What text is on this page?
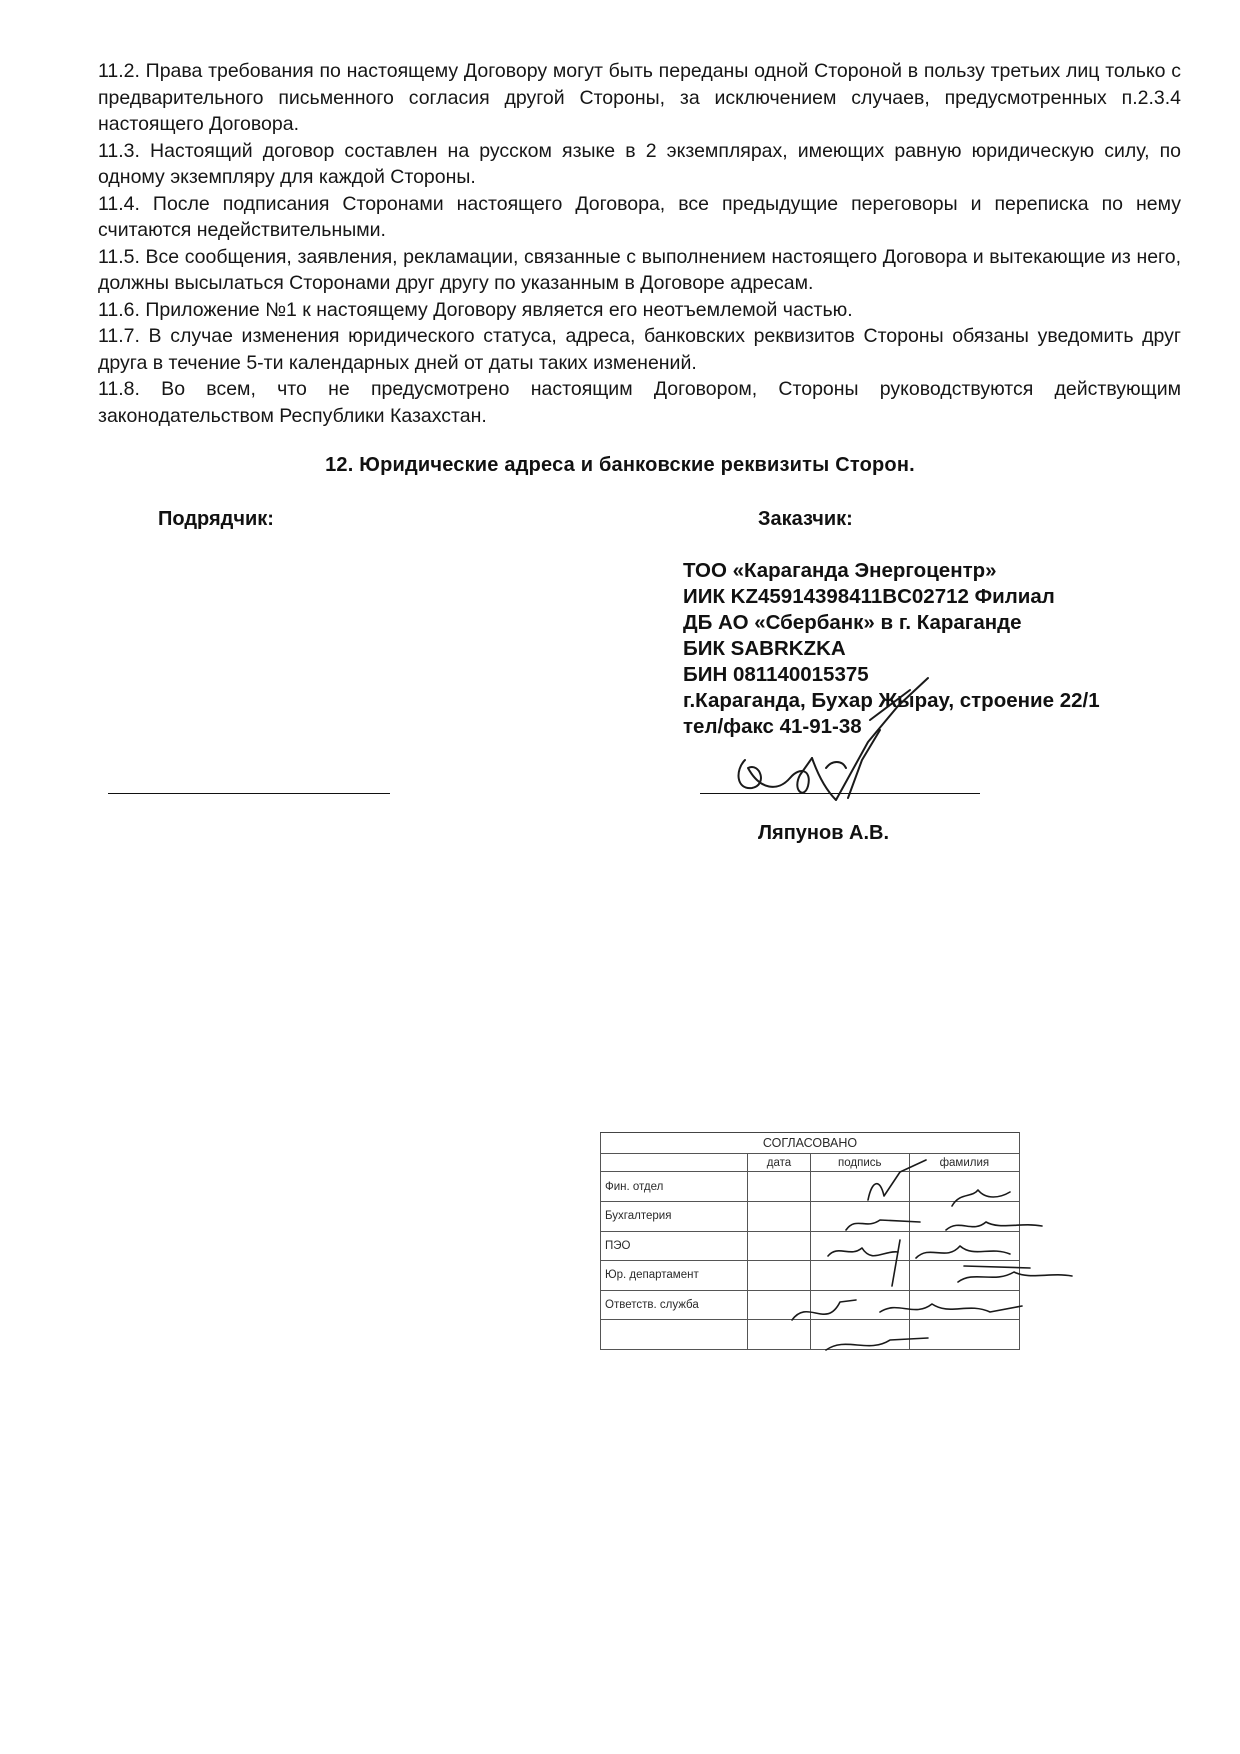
11.2. Права требования по настоящему Договору могут быть переданы одной Стороной в пользу третьих лиц только с предварительного письменного согласия другой Стороны, за исключением случаев, предусмотренных п.2.3.4 настоящего Договора.

11.3. Настоящий договор составлен на русском языке в 2 экземплярах, имеющих равную юридическую силу, по одному экземпляру для каждой Стороны.

11.4. После подписания Сторонами настоящего Договора, все предыдущие переговоры и переписка по нему считаются недействительными.

11.5. Все сообщения, заявления, рекламации, связанные с выполнением настоящего Договора и вытекающие из него, должны высылаться Сторонами друг другу по указанным в Договоре адресам.

11.6. Приложение №1 к настоящему Договору является его неотъемлемой частью.

11.7. В случае изменения юридического статуса, адреса, банковских реквизитов Стороны обязаны уведомить друг друга в течение 5-ти календарных дней от даты таких изменений.

11.8. Во всем, что не предусмотрено настоящим Договором, Стороны руководствуются действующим законодательством Республики Казахстан.

12. Юридические адреса и банковские реквизиты Сторон.
Подрядчик:	Заказчик:
ТОО «Караганда Энергоцентр»
ИИК KZ45914398411BC02712 Филиал
ДБ АО «Сбербанк» в г. Караганде
БИК SABRKZKA
БИН 081140015375
г.Караганда, Бухар Жырау, строение 22/1
тел/факс 41-91-38
Ляпунов А.В.
СОГЛАСОВАНО			
	дата	подпись	фамилия
Фин. отдел			
Бухгалтерия			
ПЭО			
Юр. департамент			
Ответств. служба			
